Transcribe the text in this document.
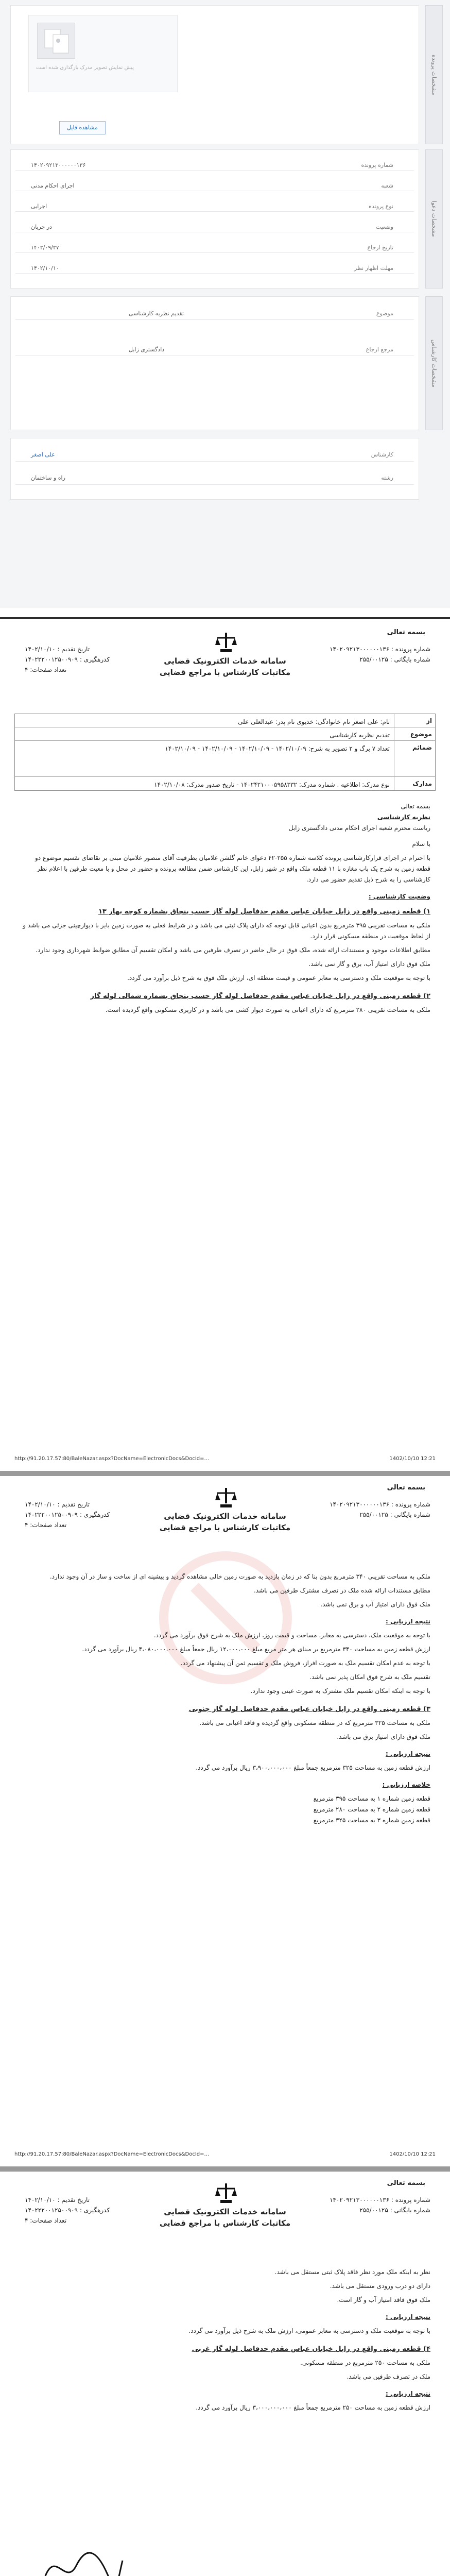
پیش نمایش تصویر مدرک بارگذاری شده است
مشاهده فایل
مشخصات پرونده
مشخصات دعوا
شماره پرونده
۱۴۰۲۰۹۲۱۳۰۰۰۰۰۰۱۳۶
شعبه
اجرای احکام مدنی
نوع پرونده
اجرایی
وضعیت
در جریان
تاریخ ارجاع
۱۴۰۲/۰۹/۲۷
مهلت اظهار نظر
۱۴۰۲/۱۰/۱۰
مشخصات کارشناس
موضوع
تقدیم نظریه کارشناسی
مرجع ارجاع
دادگستری زابل
کارشناس
علی اصغر
رشته
راه و ساختمان
بسمه تعالی
سامانه خدمات الکترونیک قضایی
مکاتبات کارشناس با مراجع قضایی
شماره پرونده : ۱۴۰۲۰۹۲۱۳۰۰۰۰۰۰۱۳۶
شماره بایگانی : ۲۵۵/۰۰۱۲۵
تاریخ تقدیم : ۱۴۰۲/۱۰/۱۰
کدرهگیری : ۱۴۰۲۲۲۰۰۱۲۵۰۰۹۰۹
تعداد صفحات: ۴
از
نام: علی اصغر نام خانوادگی: خدیوی نام پدر: عبدالعلی علی
موضوع
تقدیم نظریه کارشناسی
ضمائم
تعداد ۷ برگ و ۲ تصویر به شرح: ۱۴۰۲/۱۰/۰۹ - ۱۴۰۲/۱۰/۰۹ - ۱۴۰۲/۱۰/۰۹ - ۱۴۰۲/۱۰/۰۹
مدارک
نوع مدرک: اطلاعیه . شماره مدرک: ۱۴۰۲۴۲۱۰۰۰۵۹۵۸۳۳۲ - تاریخ صدور مدرک: ۱۴۰۲/۱۰/۰۸
بسمه تعالی
نظریه کارشناسی
ریاست محترم شعبه اجرای احکام مدنی دادگستری زابل
با سلام
با احترام در اجرای قرارکارشناسی پرونده کلاسه شماره ۲۵۵-۴۲ دعوای خانم گلشن غلامیان بطرفیت آقای منصور غلامیان مبنی بر تقاضای تقسیم موضوع دو قطعه زمین به شرح یک باب مغازه با ۱۱ قطعه ملک واقع در شهر زابل، این کارشناس ضمن مطالعه پرونده و حضور در محل و با معیت طرفین با اعلام نظر کارشناسی را به شرح ذیل تقدیم حضور می دارد.
وضعیت کارشناسی :
۱) قطعه زمینی واقع در زابل خیابان عباس مقدم حدفاصل لوله گاز حسب بنچاق بشماره کوچه بهار ۱۳
ملکی به مساحت تقریبی ۳۹۵ مترمربع بدون اعیانی قابل توجه که دارای پلاک ثبتی می باشد و در شرایط فعلی به صورت زمین بایر با دیوارچینی جزئی می باشد و از لحاظ موقعیت در منطقه مسکونی قرار دارد.
مطابق اطلاعات موجود و مستندات ارائه شده، ملک فوق در حال حاضر در تصرف طرفین می باشد و امکان تقسیم آن مطابق ضوابط شهرداری وجود ندارد.
ملک فوق دارای امتیاز آب، برق و گاز نمی باشد.
با توجه به موقعیت ملک و دسترسی به معابر عمومی و قیمت منطقه ای، ارزش ملک فوق به شرح ذیل برآورد می گردد.
۲) قطعه زمینی واقع در زابل خیابان عباس مقدم حدفاصل لوله گاز حسب بنچاق بشماره شمالی لوله گاز
ملکی به مساحت تقریبی ۲۸۰ مترمربع که دارای اعیانی به صورت دیوار کشی می باشد و در کاربری مسکونی واقع گردیده است.
http://91.20.17.57:80/BaleNazar.aspx?DocName=ElectronicDocs&DocId=...	1402/10/10 12:21
بسمه تعالی
سامانه خدمات الکترونیک قضایی
مکاتبات کارشناس با مراجع قضایی
شماره پرونده : ۱۴۰۲۰۹۲۱۳۰۰۰۰۰۰۱۳۶
شماره بایگانی : ۲۵۵/۰۰۱۲۵
تاریخ تقدیم : ۱۴۰۲/۱۰/۱۰
کدرهگیری : ۱۴۰۲۲۲۰۰۱۲۵۰۰۹۰۹
تعداد صفحات: ۴
ملکی به مساحت تقریبی ۳۴۰ مترمربع بدون بنا که در زمان بازدید به صورت زمین خالی مشاهده گردید و پیشینه ای از ساخت و ساز در آن وجود ندارد.
مطابق مستندات ارائه شده ملک در تصرف مشترک طرفین می باشد.
ملک فوق دارای امتیاز آب و برق نمی باشد.
نتیجه ارزیابی :
با توجه به موقعیت ملک، دسترسی به معابر، مساحت و قیمت روز، ارزش ملک به شرح فوق برآورد می گردد.
ارزش قطعه زمین به مساحت ۳۴۰ مترمربع بر مبنای هر متر مربع مبلغ ۱۲،۰۰۰،۰۰۰ ریال جمعاً مبلغ ۴،۰۸۰،۰۰۰،۰۰۰ ریال برآورد می گردد.
با توجه به عدم امکان تقسیم ملک به صورت افراز، فروش ملک و تقسیم ثمن آن پیشنهاد می گردد.
تقسیم ملک به شرح فوق امکان پذیر نمی باشد.
با توجه به اینکه امکان تقسیم ملک مشترک به صورت عینی وجود ندارد.
۳) قطعه زمینی واقع در زابل خیابان عباس مقدم حدفاصل لوله گاز جنوبی
ملکی به مساحت ۳۲۵ مترمربع که در منطقه مسکونی واقع گردیده و فاقد اعیانی می باشد.
ملک فوق دارای امتیاز برق می باشد.
نتیجه ارزیابی :
ارزش قطعه زمین به مساحت ۳۲۵ مترمربع جمعاً مبلغ ۳،۹۰۰،۰۰۰،۰۰۰ ریال برآورد می گردد.
خلاصه ارزیابی :
قطعه زمین شماره ۱ به مساحت ۳۹۵ مترمربع
قطعه زمین شماره ۲ به مساحت ۲۸۰ مترمربع
قطعه زمین شماره ۳ به مساحت ۳۲۵ مترمربع
http://91.20.17.57:80/BaleNazar.aspx?DocName=ElectronicDocs&DocId=...	1402/10/10 12:21
بسمه تعالی
سامانه خدمات الکترونیک قضایی
مکاتبات کارشناس با مراجع قضایی
شماره پرونده : ۱۴۰۲۰۹۲۱۳۰۰۰۰۰۰۱۳۶
شماره بایگانی : ۲۵۵/۰۰۱۲۵
تاریخ تقدیم : ۱۴۰۲/۱۰/۱۰
کدرهگیری : ۱۴۰۲۲۲۰۰۱۲۵۰۰۹۰۹
تعداد صفحات: ۴
نظر به اینکه ملک مورد نظر فاقد پلاک ثبتی مستقل می باشد.
دارای دو درب ورودی مستقل می باشد.
ملک فوق فاقد امتیاز آب و گاز است.
نتیجه ارزیابی :
با توجه به موقعیت ملک و دسترسی به معابر عمومی، ارزش ملک به شرح ذیل برآورد می گردد.
۴) قطعه زمینی واقع در زابل خیابان عباس مقدم حدفاصل لوله گاز غربی
ملکی به مساحت ۲۵۰ مترمربع در منطقه مسکونی.
ملک در تصرف طرفین می باشد.
نتیجه ارزیابی :
ارزش قطعه زمین به مساحت ۲۵۰ مترمربع جمعاً مبلغ ۳،۰۰۰،۰۰۰،۰۰۰ ریال برآورد می گردد.
